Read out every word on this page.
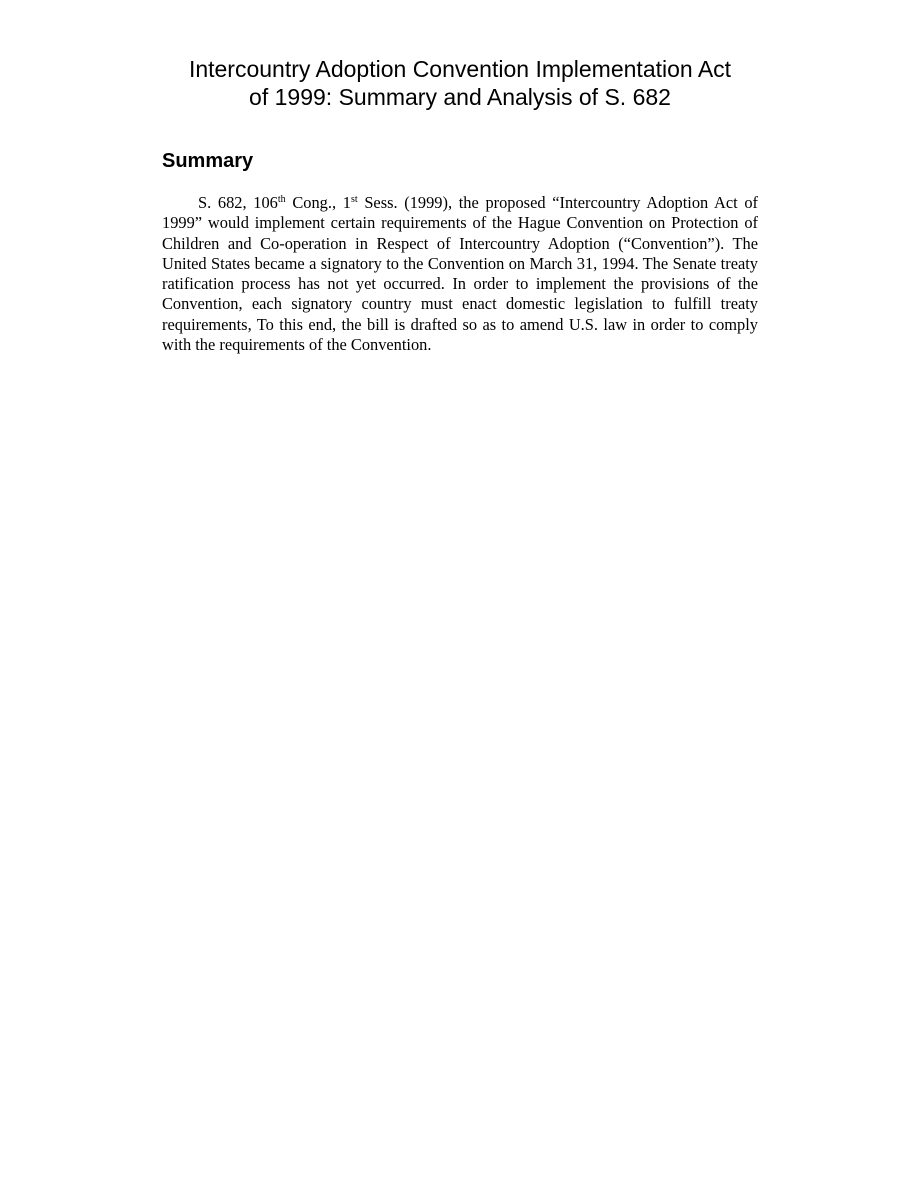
Intercountry Adoption Convention Implementation Act
of 1999: Summary and Analysis of S. 682
Summary

S. 682, 106th Cong., 1st Sess. (1999), the proposed “Intercountry Adoption Act of 1999” would implement certain requirements of the Hague Convention on Protection of Children and Co-operation in Respect of Intercountry Adoption (“Convention”). The United States became a signatory to the Convention on March 31, 1994. The Senate treaty ratification process has not yet occurred. In order to implement the provisions of the Convention, each signatory country must enact domestic legislation to fulfill treaty requirements, To this end, the bill is drafted so as to amend U.S. law in order to comply with the requirements of the Convention.
